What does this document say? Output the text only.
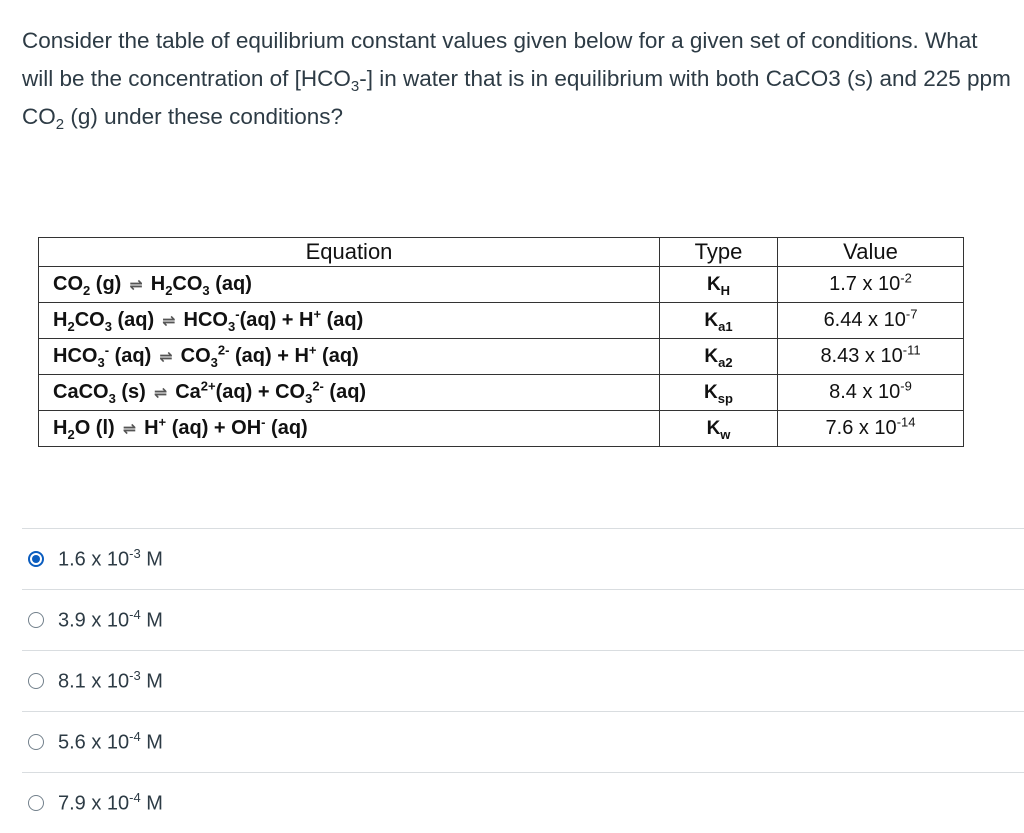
Consider the table of equilibrium constant values given below for a given set of conditions. What will be the concentration of $[HCO_3-]$ in water that is in equilibrium with both CaCO3 (s) and 225 ppm $CO_2$ (g) under these conditions?
Equation	Type	Value
$CO_2$ (g) ⇌ $H_2CO_3$ (aq)	$K_H$	1.7 x $10^{-2}$
$H_2CO_3$ (aq) ⇌ $HCO_3^-(aq) + H^+$ (aq)	$K_{a1}$	6.44 x $10^{-7}$
$HCO_3^-$ (aq) ⇌ $CO_3^{2-}$ (aq) + H+ (aq)	$K_{a2}$	8.43 x $10^{-11}$
CaCO$_3$ (s) ⇌ $Ca^{2+}(aq) + CO_3^{2-}$ (aq)	$K_{sp}$	8.4 x $10^{-9}$
$H_2O$ (l) ⇌ H+ (aq) + OH- (aq)	$K_w$	7.6 x $10^{-14}$
1.6 x $10^{-3}$ M
3.9 x $10^{-4}$ M
8.1 x $10^{-3}$ M
5.6 x $10^{-4}$ M
7.9 x $10^{-4}$ M
